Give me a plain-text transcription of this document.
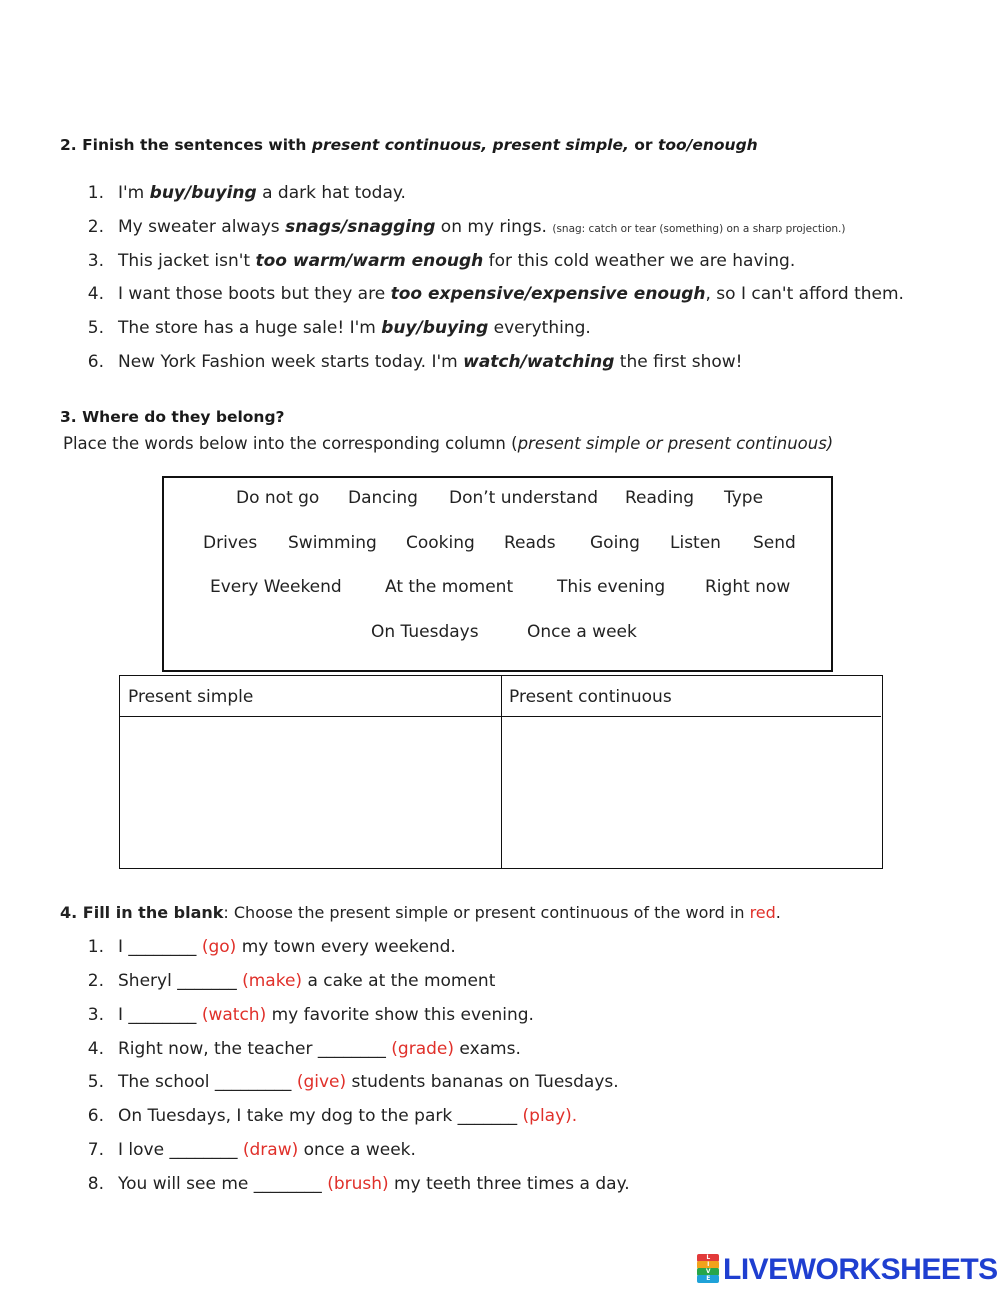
2. Finish the sentences with present continuous, present simple, or too/enough
1. I'm buy/buying a dark hat today.
2. My sweater always snags/snagging on my rings. (snag: catch or tear (something) on a sharp projection.)
3. This jacket isn't too warm/warm enough for this cold weather we are having.
4. I want those boots but they are too expensive/expensive enough, so I can't afford them.
5. The store has a huge sale! I'm buy/buying everything.
6. New York Fashion week starts today. I'm watch/watching the first show!
3. Where do they belong?
Place the words below into the corresponding column (present simple or present continuous)
Do not go Dancing Don’t understand Reading Type
Drives Swimming Cooking Reads Going Listen Send
Every Weekend	At the moment	This evening Right now
On Tuesdays	Once a week
Present simple	Present continuous
4. Fill in the blank: Choose the present simple or present continuous of the word in red.
1. I ________ (go) my town every weekend.
2. Sheryl _______ (make) a cake at the moment
3. I ________ (watch) my favorite show this evening.
4. Right now, the teacher ________ (grade) exams.
5. The school _________ (give) students bananas on Tuesdays.
6. On Tuesdays, I take my dog to the park _______ (play).
7. I love ________ (draw) once a week.
8. You will see me ________ (brush) my teeth three times a day.
L
I
V
E LIVEWORKSHEETS
